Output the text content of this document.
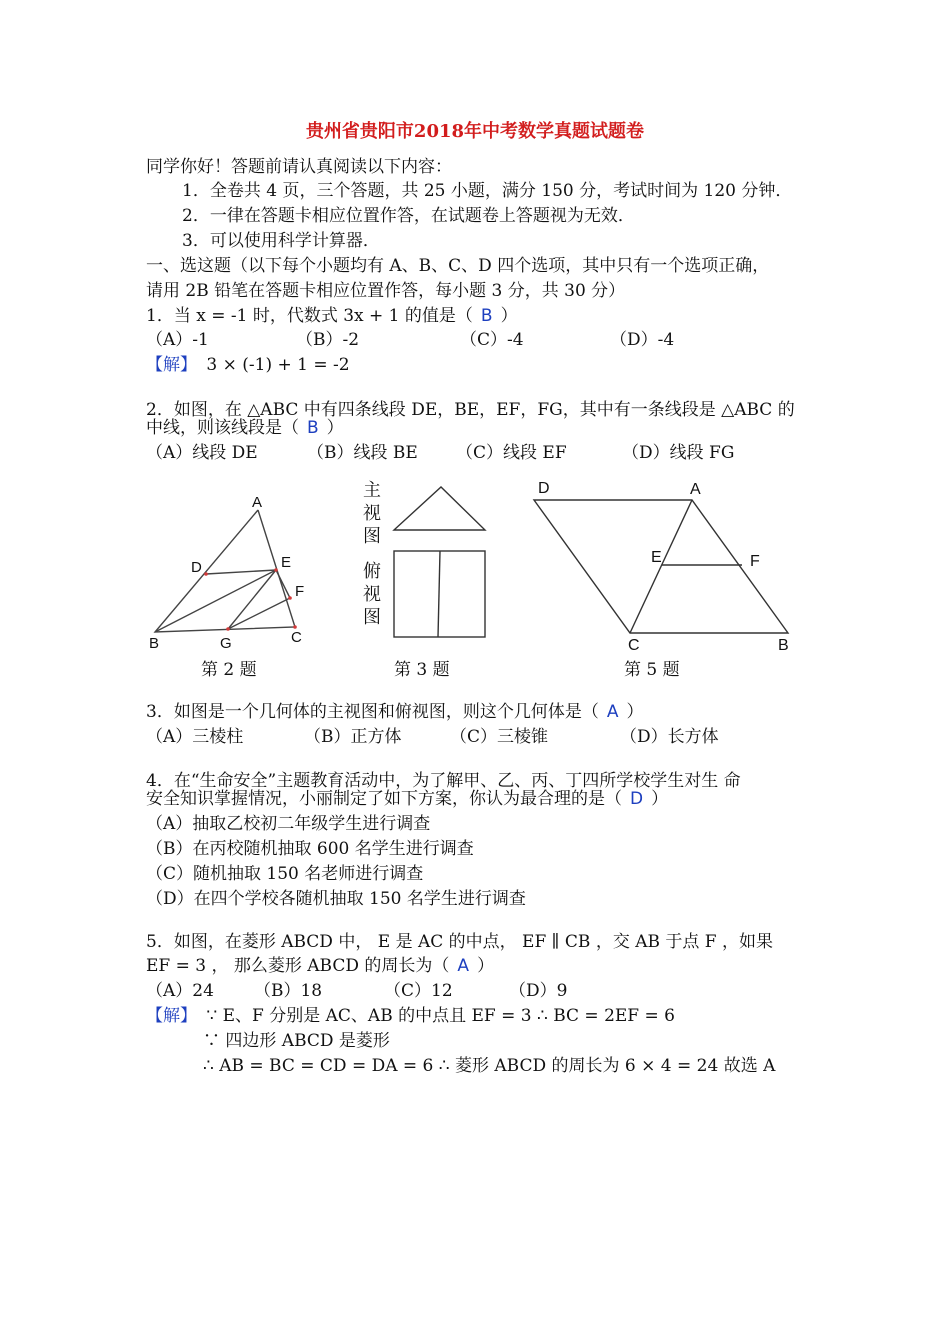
贵州省贵阳市2018年中考数学真题试题卷
同学你好！答题前请认真阅读以下内容：
1．全卷共 4 页，三个答题，共 25 小题，满分 150 分，考试时间为 120 分钟．
2．一律在答题卡相应位置作答，在试题卷上答题视为无效．
3．可以使用科学计算器．
一、选这题（以下每个小题均有 A、B、C、D 四个选项，其中只有一个选项正确，
请用 2B 铅笔在答题卡相应位置作答，每小题 3 分，共 30 分）
1．当 x = -1 时，代数式 3x + 1 的值是（ B ）
（A）-1	（B）-2	（C）-4	（D）-4
【解】 3 × (-1) + 1 = -2
2．如图，在 △ABC 中有四条线段 DE，BE，EF，FG，其中有一条线段是 △ABC 的
中线，则该线段是（ B ）
（A）线段 DE	（B）线段 BE （C）线段 EF	（D）线段 FG
A
D	E
F
B	G	C
第 2 题
主
视
图
俯
视
图
第 3 题
D	A
E	F
C	B
第 5 题
3．如图是一个几何体的主视图和俯视图，则这个几何体是（ A ）
（A）三棱柱	（B）正方体	（C）三棱锥	（D）长方体
4．在“生命安全”主题教育活动中，为了解甲、乙、丙、丁四所学校学生对生 命
安全知识掌握情况，小丽制定了如下方案，你认为最合理的是（ D ）
（A）抽取乙校初二年级学生进行调查
（B）在丙校随机抽取 600 名学生进行调查
（C）随机抽取 150 名老师进行调查
（D）在四个学校各随机抽取 150 名学生进行调查
5．如图，在菱形 ABCD 中， E 是 AC 的中点， EF ∥ CB ，交 AB 于点 F ，如果
EF = 3 ， 那么菱形 ABCD 的周长为（ A ）
（A）24 （B）18	（C）12	（D）9
【解】 ∵ E、F 分别是 AC、AB 的中点且 EF = 3 ∴ BC = 2EF = 6
∵ 四边形 ABCD 是菱形
∴ AB = BC = CD = DA = 6 ∴ 菱形 ABCD 的周长为 6 × 4 = 24 故选 A
